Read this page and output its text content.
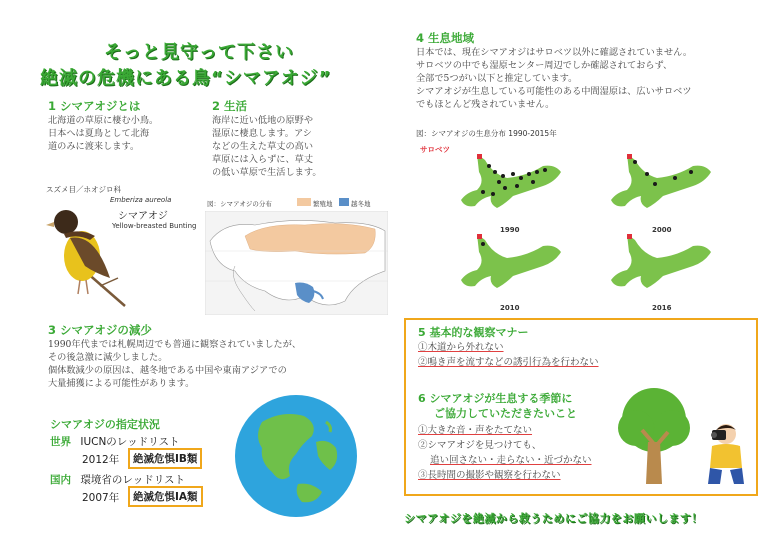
そっと見守って下さい
絶滅の危機にある鳥“シマアオジ”
1 シマアオジとは
北海道の草原に棲む小鳥。
日本へは夏鳥として北海
道のみに渡来します。
スズメ目／ホオジロ科
Emberiza aureola
シマアオジ
Yellow-breasted Bunting
2 生活
海岸に近い低地の原野や
湿原に棲息します。アシ
などの生えた草丈の高い
草原には入らずに、草丈
の低い草原で生活します。
図：シマアオジの分布	繁殖地	越冬地
3 シマアオジの減少
1990年代までは札幌周辺でも普通に観察されていましたが、
その後急激に減少しました。
個体数減少の原因は、越冬地である中国や東南アジアでの
大量捕獲による可能性があります。
シマアオジの指定状況
世界 IUCNのレッドリスト
2012年	絶滅危惧IB類
国内 環境省のレッドリスト
2007年	絶滅危惧IA類
4 生息地域
日本では、現在シマアオジはサロベツ以外に確認されていません。
サロベツの中でも湿原センター周辺でしか確認されておらず、
全部で5つがい以下と推定しています。
シマアオジが生息している可能性のある中間湿原は、広いサロベツ
でもほとんど残されていません。
図：シマアオジの生息分布 1990-2015年
サロベツ
1990	2000
2010	2016
5 基本的な観察マナー
①木道から外れない
②鳴き声を流すなどの誘引行為を行わない
6 シマアオジが生息する季節に
ご協力していただきたいこと
①大きな音・声をたてない
②シマアオジを見つけても、
追い回さない・走らない・近づかない
③長時間の撮影や観察を行わない
シマアオジを絶滅から救うためにご協力をお願いします！
